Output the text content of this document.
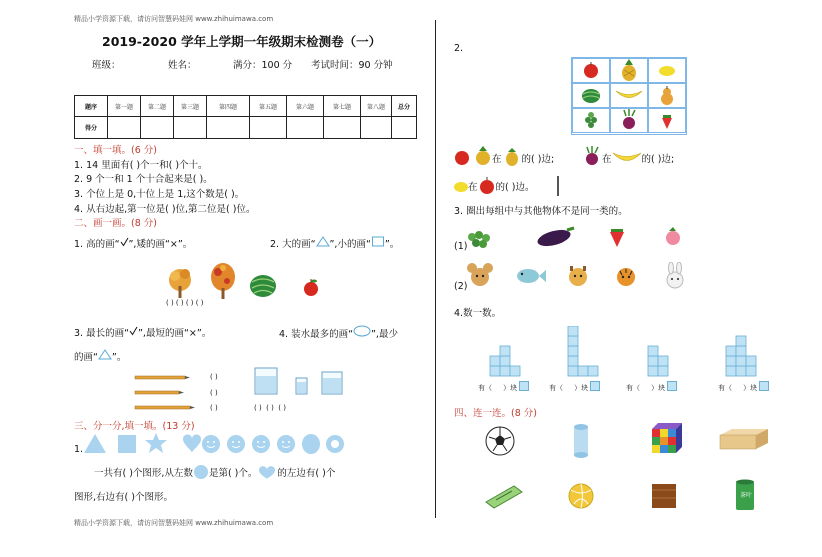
精品小学资源下载，请访问智慧码娃网 www.zhihuimawa.com
精品小学资源下载，请访问智慧码娃网 www.zhihuimawa.com
2019-2020 学年上学期一年级期末检测卷（一）
班级：	姓名：	满分：100 分 考试时间：90 分钟
题序	第一题	第二题	第三题	第四题	第五题	第六题	第七题	第八题	总分
得分									
一、填一填。(6 分)
1. 14 里面有( )个一和( )个十。
2. 9 个一和 1 个十合起来是( )。
3. 个位上是 0,十位上是 1,这个数是( )。
4. 从右边起,第一位是( )位,第二位是( )位。
二、画一画。(8 分)
1. 高的画“ ”,矮的画“×”。	2. 大的画“ ”,小的画“ ”。
( ) ( ) ( ) ( )
3. 最长的画“ ”,最短的画“×”。	4. 装水最多的画“ ”,最少
的画“ ”。
( )
( )
( )	( ) ( ) ( )
三、分一分,填一填。(13 分)
1.
一共有( )个图形,从左数 是第( )个。 的左边有( )个
图形,右边有( )个图形。
2.
在 的( )边;	在	的( )边;
在 的( )边。
3. 圈出每组中与其他物体不是同一类的。
(1)
(2)
4.数一数。
有（ ）块	有（ ）块	有（ ）块	有（ ）块
四、连一连。(8 分)
茶叶
